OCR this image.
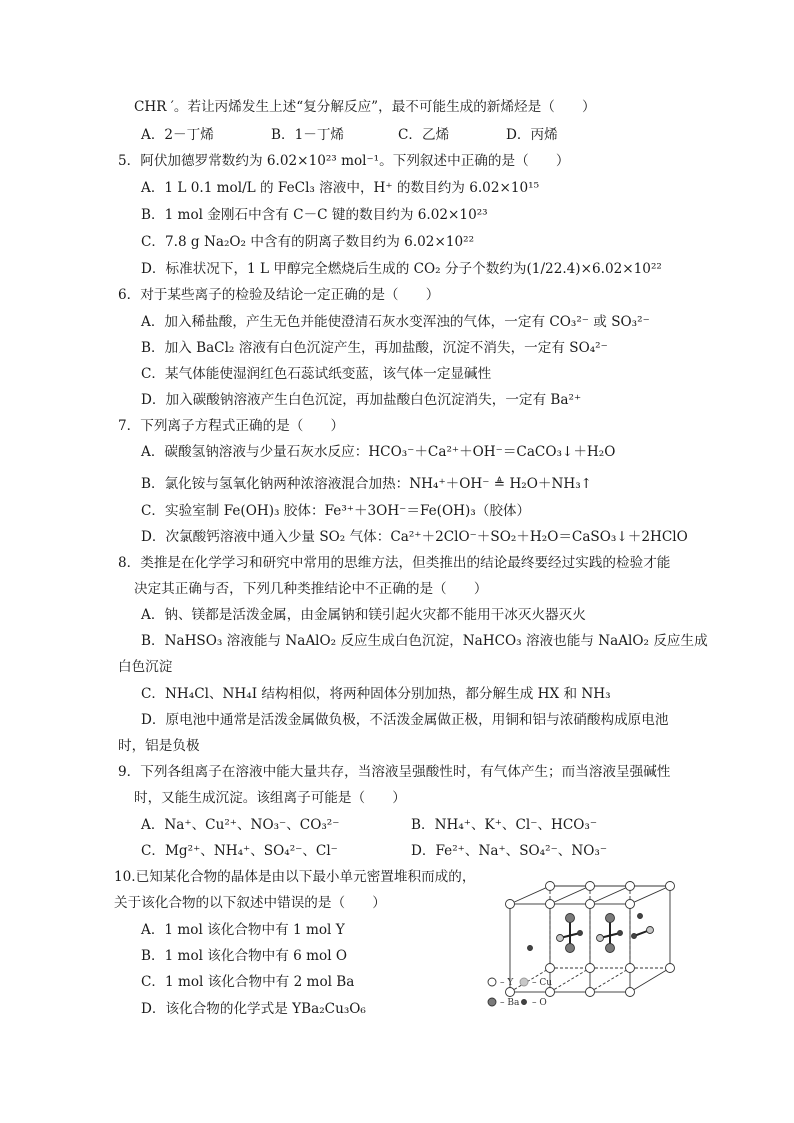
CHR ′。若让丙烯发生上述“复分解反应”，最不可能生成的新烯烃是（　　）
A．2－丁烯	B．1－丁烯	C．乙烯	D．丙烯
5．阿伏加德罗常数约为 6.02×10²³ mol⁻¹。下列叙述中正确的是（　　）
A．1 L 0.1 mol/L 的 FeCl₃ 溶液中，H⁺ 的数目约为 6.02×10¹⁵
B．1 mol 金刚石中含有 C－C 键的数目约为 6.02×10²³
C．7.8 g Na₂O₂ 中含有的阴离子数目约为 6.02×10²²
D．标准状况下，1 L 甲醇完全燃烧后生成的 CO₂ 分子个数约为(1/22.4)×6.02×10²²
6．对于某些离子的检验及结论一定正确的是（　　）
A．加入稀盐酸，产生无色并能使澄清石灰水变浑浊的气体，一定有 CO₃²⁻ 或 SO₃²⁻
B．加入 BaCl₂ 溶液有白色沉淀产生，再加盐酸，沉淀不消失，一定有 SO₄²⁻
C．某气体能使湿润红色石蕊试纸变蓝，该气体一定显碱性
D．加入碳酸钠溶液产生白色沉淀，再加盐酸白色沉淀消失，一定有 Ba²⁺
7．下列离子方程式正确的是（　　）
A．碳酸氢钠溶液与少量石灰水反应：HCO₃⁻＋Ca²⁺＋OH⁻＝CaCO₃↓＋H₂O
B．氯化铵与氢氧化钠两种浓溶液混合加热：NH₄⁺＋OH⁻ ≜ H₂O＋NH₃↑
C．实验室制 Fe(OH)₃ 胶体：Fe³⁺＋3OH⁻＝Fe(OH)₃（胶体）
D．次氯酸钙溶液中通入少量 SO₂ 气体：Ca²⁺＋2ClO⁻＋SO₂＋H₂O＝CaSO₃↓＋2HClO
8．类推是在化学学习和研究中常用的思维方法，但类推出的结论最终要经过实践的检验才能
决定其正确与否，下列几种类推结论中不正确的是（　　）
A．钠、镁都是活泼金属，由金属钠和镁引起火灾都不能用干冰灭火器灭火
B．NaHSO₃ 溶液能与 NaAlO₂ 反应生成白色沉淀，NaHCO₃ 溶液也能与 NaAlO₂ 反应生成
白色沉淀
C．NH₄Cl、NH₄I 结构相似，将两种固体分别加热，都分解生成 HX 和 NH₃
D．原电池中通常是活泼金属做负极，不活泼金属做正极，用铜和铝与浓硝酸构成原电池
时，铝是负极
9．下列各组离子在溶液中能大量共存，当溶液呈强酸性时，有气体产生；而当溶液呈强碱性
时，又能生成沉淀。该组离子可能是（　　）
A．Na⁺、Cu²⁺、NO₃⁻、CO₃²⁻	B．NH₄⁺、K⁺、Cl⁻、HCO₃⁻
C．Mg²⁺、NH₄⁺、SO₄²⁻、Cl⁻	D．Fe²⁺、Na⁺、SO₄²⁻、NO₃⁻
10.已知某化合物的晶体是由以下最小单元密置堆积而成的，
关于该化合物的以下叙述中错误的是（　　）
A．1 mol 该化合物中有 1 mol Y
B．1 mol 该化合物中有 6 mol O
C．1 mol 该化合物中有 2 mol Ba
D．该化合物的化学式是 YBa₂Cu₃O₆
– Y – Cu
– Ba – O
